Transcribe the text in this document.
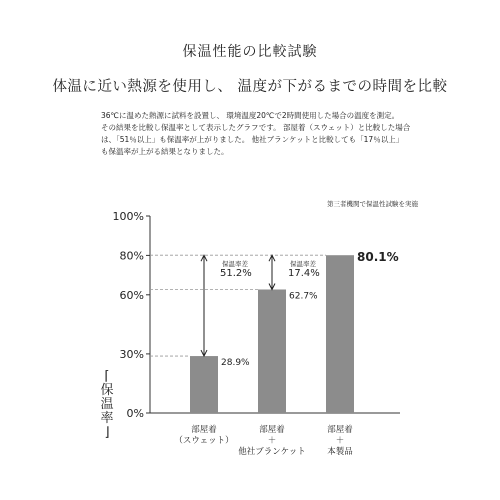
保温性能の比較試験
体温に近い熱源を使用し、 温度が下がるまでの時間を比較

36℃に温めた熱源に試料を設置し、 環境温度20℃で2時間使用した場合の温度を測定。

その結果を比較し保温率として表示したグラフです。 部屋着（スウェット）と比較した場合

は、「51％以上」も保温率が上がりました。 他社ブランケットと比較しても「17％以上」

も保温率が上がる結果となりました。

第三者機関で保温性試験を実施
⌈
保
温
率
⌋
0%
30%
60%
80%
100%
28.9%
62.7%
80.1%
保温率差
51.2%
保温率差
17.4%
部屋着
（スウェット）
部屋着
＋
他社ブランケット
部屋着
＋
本製品
